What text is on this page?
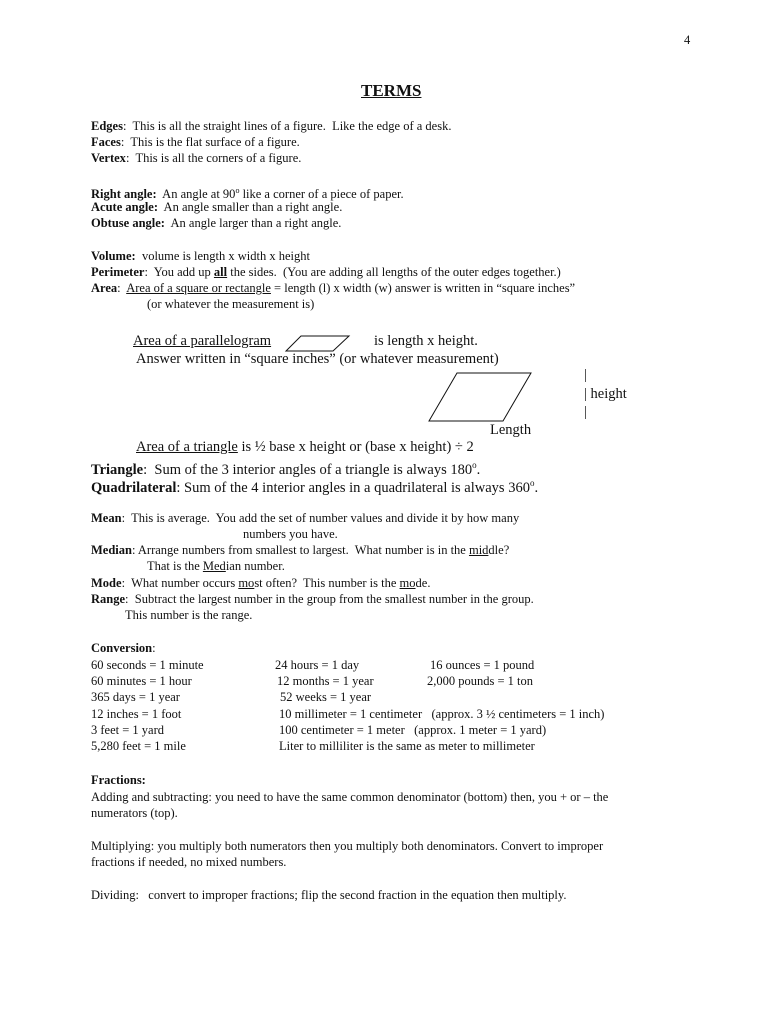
4
TERMS
Edges:  This is all the straight lines of a figure.  Like the edge of a desk.
Faces:  This is the flat surface of a figure.
Vertex:  This is all the corners of a figure.
Right angle:  An angle at 90$^o$ like a corner of a piece of paper.
Acute angle:  An angle smaller than a right angle.
Obtuse angle:  An angle larger than a right angle.
Volume:  volume is length x width x height
Perimeter:  You add up all the sides.  (You are adding all lengths of the outer edges together.)
Area: Area of a square or rectangle = length (l) x width (w) answer is written in “square inches”
(or whatever the measurement is)
Area of a parallelogram	is length x height.
Answer written in “square inches” (or whatever measurement)
|
| height
|
Length
Area of a triangle is ½ base x height or (base x height) ÷ 2
Triangle:  Sum of the 3 interior angles of a triangle is always 180$^o$.
Quadrilateral: Sum of the 4 interior angles in a quadrilateral is always 360$^o$.
Mean:  This is average.  You add the set of number values and divide it by how many
numbers you have.
Median: Arrange numbers from smallest to largest.  What number is in the middle?
That is the Median number.
Mode:  What number occurs most often?  This number is the mode.
Range:  Subtract the largest number in the group from the smallest number in the group.
This number is the range.
Conversion:
60 seconds = 1 minute
60 minutes = 1 hour
365 days = 1 year
12 inches = 1 foot
3 feet = 1 yard
5,280 feet = 1 mile
24 hours = 1 day
12 months = 1 year
52 weeks = 1 year
10 millimeter = 1 centimeter   (approx. 3 ½ centimeters = 1 inch)
100 centimeter = 1 meter   (approx. 1 meter = 1 yard)
Liter to milliliter is the same as meter to millimeter
16 ounces = 1 pound
2,000 pounds = 1 ton
Fractions:
Adding and subtracting: you need to have the same common denominator (bottom) then, you + or – the
numerators (top).
Multiplying: you multiply both numerators then you multiply both denominators. Convert to improper
fractions if needed, no mixed numbers.
Dividing:   convert to improper fractions; flip the second fraction in the equation then multiply.
